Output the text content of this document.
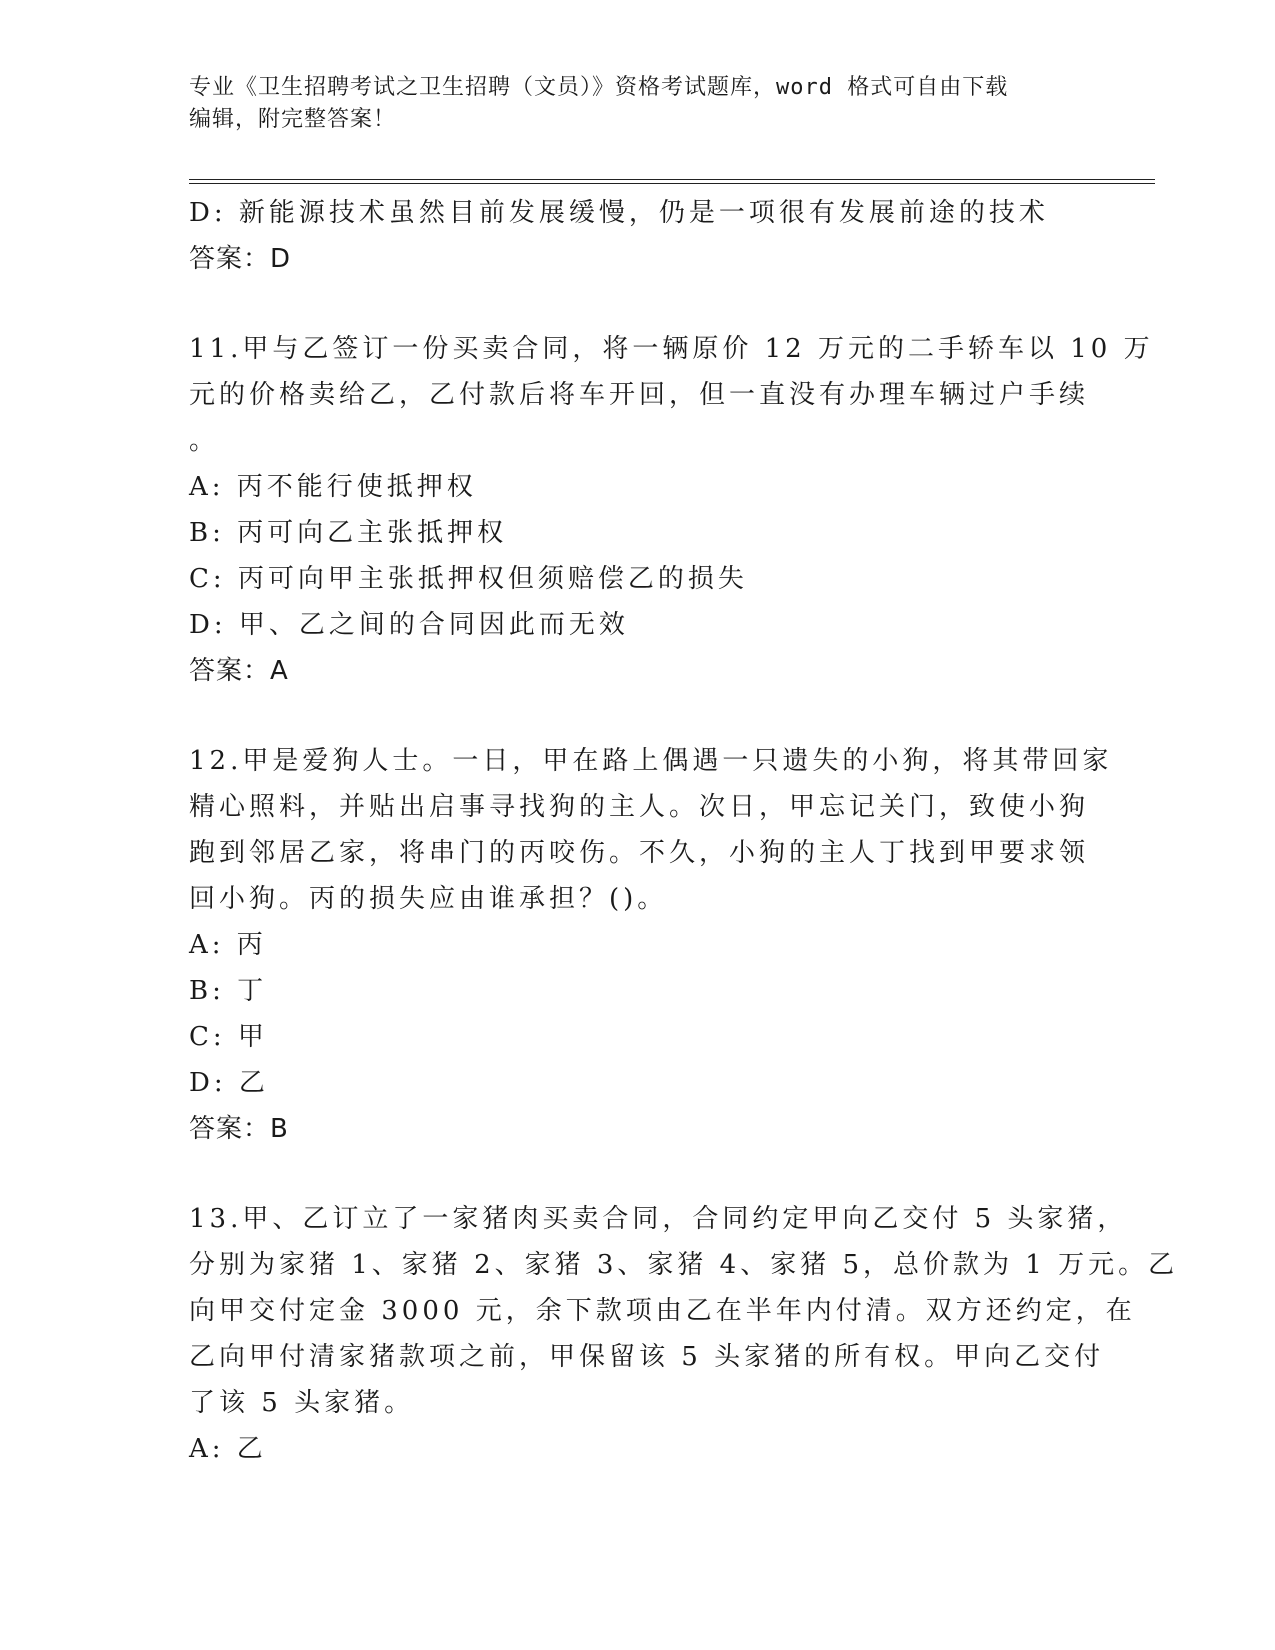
专业《卫生招聘考试之卫生招聘（文员）》资格考试题库，word 格式可自由下载
编辑，附完整答案！
D: 新能源技术虽然目前发展缓慢，仍是一项很有发展前途的技术
答案：D
11.甲与乙签订一份买卖合同，将一辆原价 12 万元的二手轿车以 10 万
元的价格卖给乙，乙付款后将车开回，但一直没有办理车辆过户手续
。
A: 丙不能行使抵押权
B: 丙可向乙主张抵押权
C: 丙可向甲主张抵押权但须赔偿乙的损失
D: 甲、乙之间的合同因此而无效
答案：A
12.甲是爱狗人士。一日，甲在路上偶遇一只遗失的小狗，将其带回家
精心照料，并贴出启事寻找狗的主人。次日，甲忘记关门，致使小狗
跑到邻居乙家，将串门的丙咬伤。不久，小狗的主人丁找到甲要求领
回小狗。丙的损失应由谁承担？()。
A: 丙
B: 丁
C: 甲
D: 乙
答案：B
13.甲、乙订立了一家猪肉买卖合同，合同约定甲向乙交付 5 头家猪，
分别为家猪 1、家猪 2、家猪 3、家猪 4、家猪 5，总价款为 1 万元。乙
向甲交付定金 3000 元，余下款项由乙在半年内付清。双方还约定，在
乙向甲付清家猪款项之前，甲保留该 5 头家猪的所有权。甲向乙交付
了该 5 头家猪。
A: 乙
